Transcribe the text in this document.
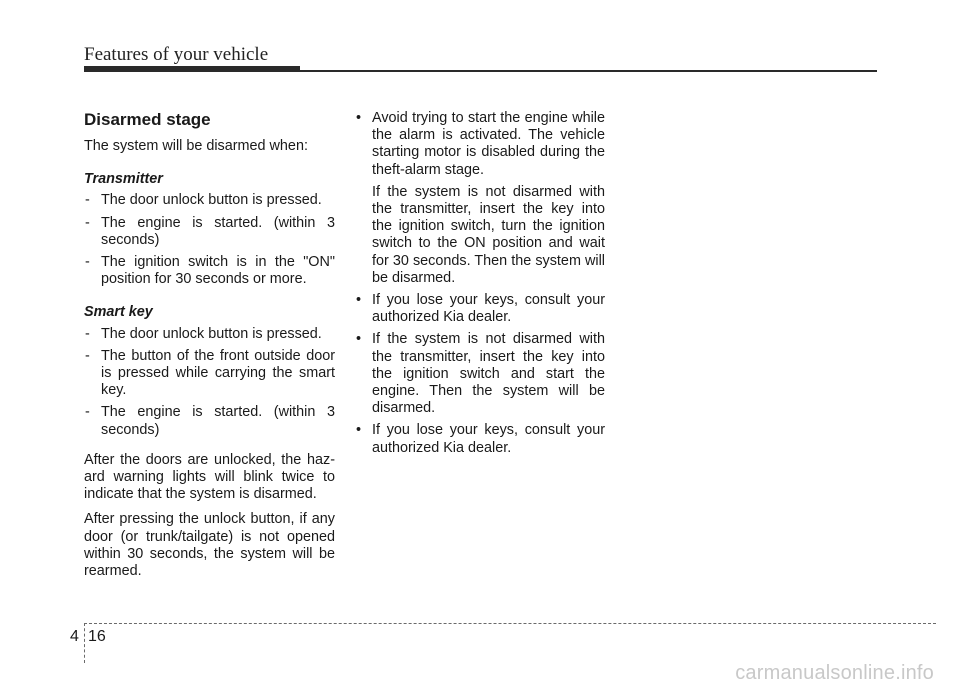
Features of your vehicle
Disarmed stage
The system will be disarmed when:
Transmitter
- The door unlock button is pressed.
- The engine is started. (within 3 seconds)
- The ignition switch is in the "ON" position for 30 seconds or more.
Smart key
- The door unlock button is pressed.
- The button of the front outside door is pressed while carrying the smart key.
- The engine is started. (within 3 seconds)
After the doors are unlocked, the haz-ard warning lights will blink twice to indicate that the system is disarmed.
After pressing the unlock button, if any door (or trunk/tailgate) is not opened within 30 seconds, the system will be rearmed.
• Avoid trying to start the engine while the alarm is activated. The vehicle starting motor is disabled during the theft-alarm stage.
If the system is not disarmed with the transmitter, insert the key into the ignition switch, turn the ignition switch to the ON position and wait for 30 seconds. Then the system will be disarmed.
• If you lose your keys, consult your authorized Kia dealer.
• If the system is not disarmed with the transmitter, insert the key into the ignition switch and start the engine. Then the system will be disarmed.
• If you lose your keys, consult your authorized Kia dealer.
4 16
carmanualsonline.info
